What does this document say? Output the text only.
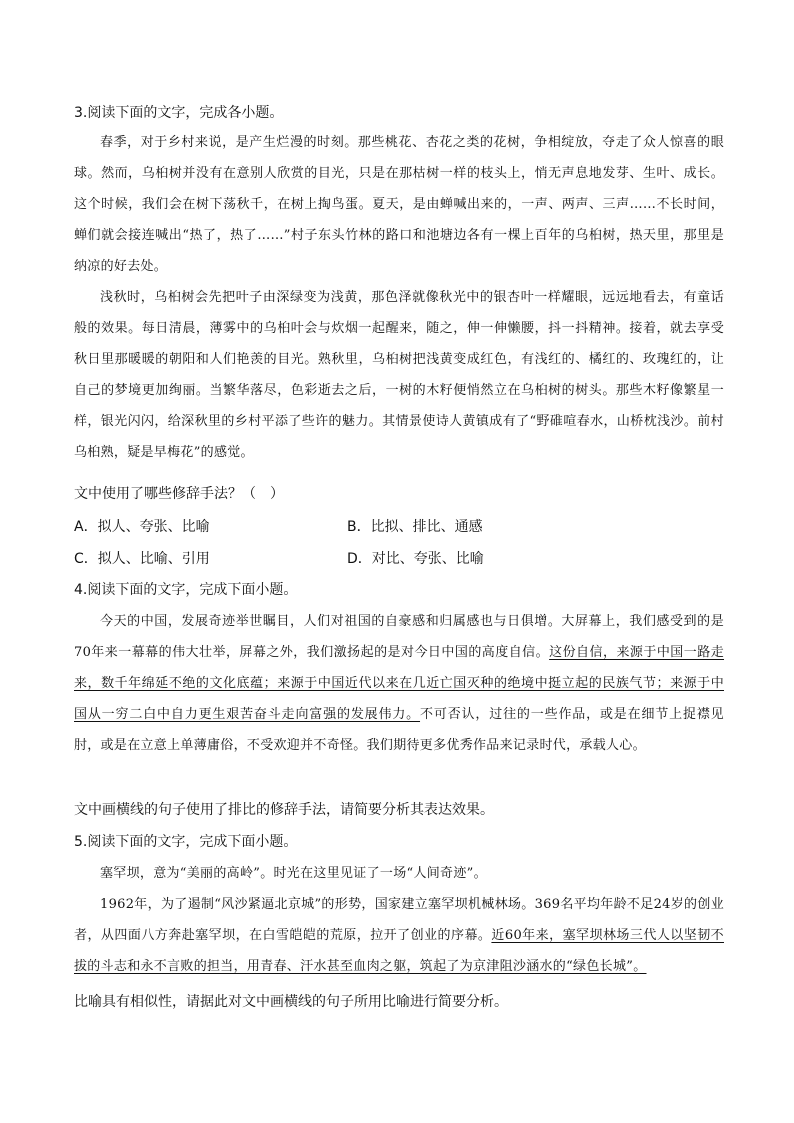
3.阅读下面的文字，完成各小题。

春季，对于乡村来说，是产生烂漫的时刻。那些桃花、杏花之类的花树，争相绽放，夺走了众人惊喜的眼球。然而，乌桕树并没有在意别人欣赏的目光，只是在那枯树一样的枝头上，悄无声息地发芽、生叶、成长。这个时候，我们会在树下荡秋千，在树上掏鸟蛋。夏天，是由蝉喊出来的，一声、两声、三声……不长时间，蝉们就会接连喊出“热了，热了……”村子东头竹林的路口和池塘边各有一棵上百年的乌桕树，热天里，那里是纳凉的好去处。

浅秋时，乌桕树会先把叶子由深绿变为浅黄，那色泽就像秋光中的银杏叶一样耀眼，远远地看去，有童话般的效果。每日清晨，薄雾中的乌桕叶会与炊烟一起醒来，随之，伸一伸懒腰，抖一抖精神。接着，就去享受秋日里那暖暖的朝阳和人们艳羡的目光。熟秋里，乌桕树把浅黄变成红色，有浅红的、橘红的、玫瑰红的，让自己的梦境更加绚丽。当繁华落尽，色彩逝去之后，一树的木籽便悄然立在乌桕树的树头。那些木籽像繁星一样，银光闪闪，给深秋里的乡村平添了些许的魅力。其情景使诗人黄镇成有了“野碓喧春水，山桥枕浅沙。前村乌桕熟，疑是早梅花”的感觉。

文中使用了哪些修辞手法？（　）
A．拟人、夸张、比喻	B．比拟、排比、通感
C．拟人、比喻、引用	D．对比、夸张、比喻
4.阅读下面的文字，完成下面小题。

今天的中国，发展奇迹举世瞩目，人们对祖国的自豪感和归属感也与日俱增。大屏幕上，我们感受到的是70年来一幕幕的伟大壮举，屏幕之外，我们激扬起的是对今日中国的高度自信。这份自信，来源于中国一路走来，数千年绵延不绝的文化底蕴；来源于中国近代以来在几近亡国灭种的绝境中挺立起的民族气节；来源于中国从一穷二白中自力更生艰苦奋斗走向富强的发展伟力。不可否认，过往的一些作品，或是在细节上捉襟见肘，或是在立意上单薄庸俗，不受欢迎并不奇怪。我们期待更多优秀作品来记录时代，承载人心。

文中画横线的句子使用了排比的修辞手法，请简要分析其表达效果。
5.阅读下面的文字，完成下面小题。

塞罕坝，意为“美丽的高岭”。时光在这里见证了一场“人间奇迹”。

1962年，为了遏制“风沙紧逼北京城”的形势，国家建立塞罕坝机械林场。369名平均年龄不足24岁的创业者，从四面八方奔赴塞罕坝，在白雪皑皑的荒原，拉开了创业的序幕。近60年来，塞罕坝林场三代人以坚韧不拔的斗志和永不言败的担当，用青春、汗水甚至血肉之躯，筑起了为京津阻沙涵水的“绿色长城”。

比喻具有相似性，请据此对文中画横线的句子所用比喻进行简要分析。
